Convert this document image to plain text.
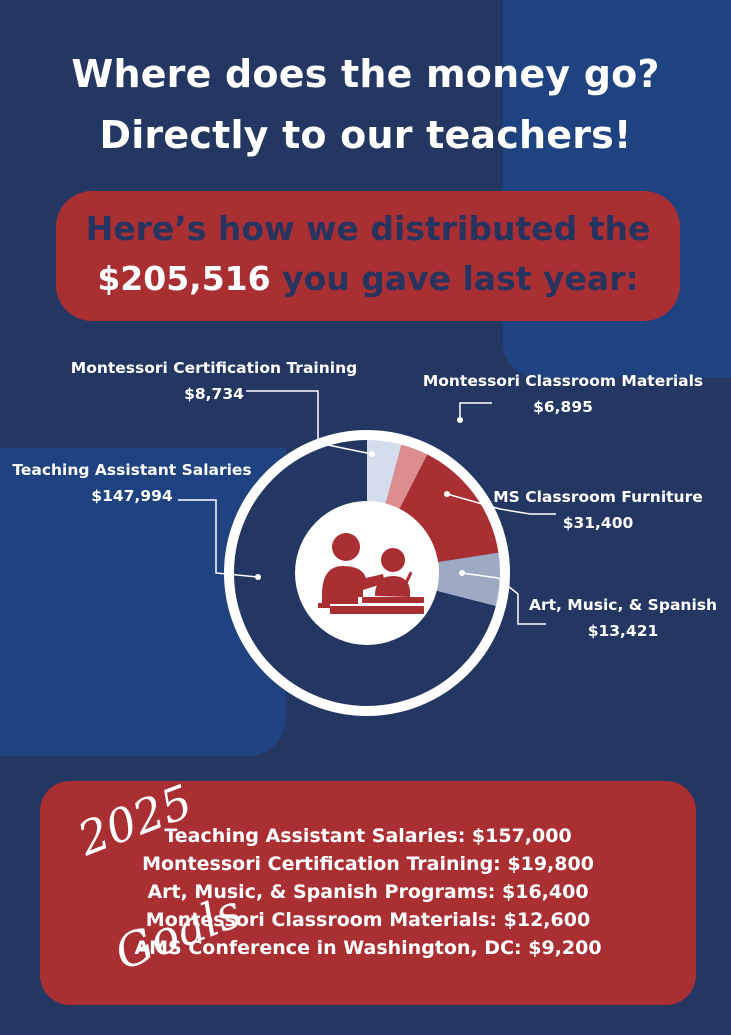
Where does the money go?
Directly to our teachers!
Here’s how we distributed the
$205,516 you gave last year:
Montessori Certification Training
$8,734
Montessori Classroom Materials
$6,895
MS Classroom Furniture
$31,400
Art, Music, & Spanish
$13,421
Teaching Assistant Salaries
$147,994
2025 Goals
Teaching Assistant Salaries: $157,000
Montessori Certification Training: $19,800
Art, Music, & Spanish Programs: $16,400
Montessori Classroom Materials: $12,600
AMS Conference in Washington, DC: $9,200
